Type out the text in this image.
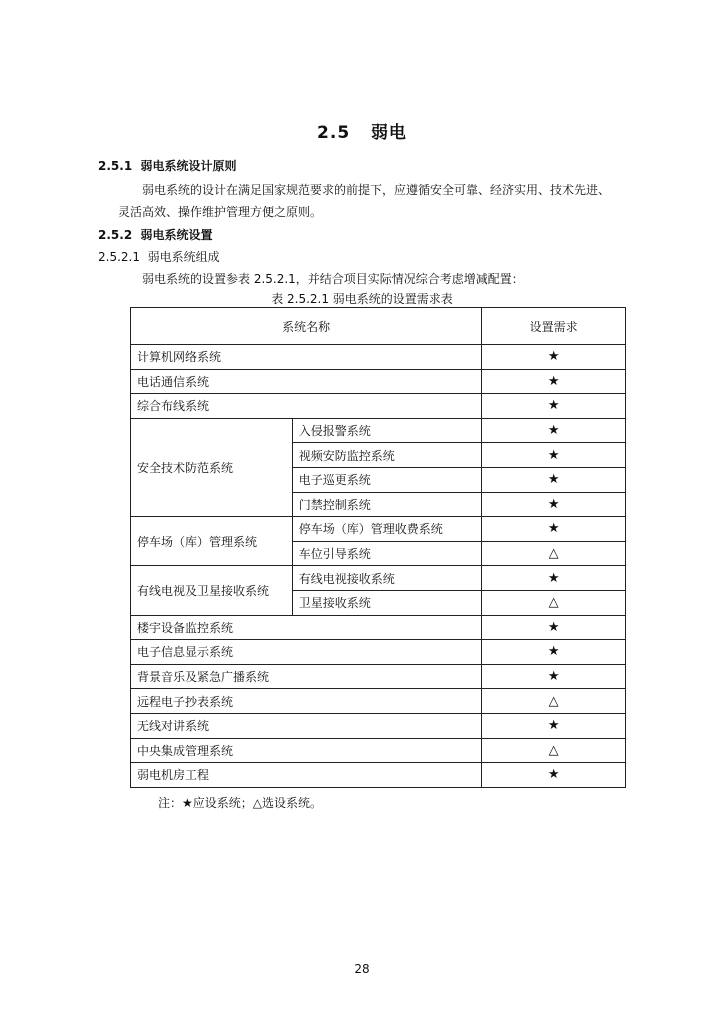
2.5 弱电
2.5.1 弱电系统设计原则
弱电系统的设计在满足国家规范要求的前提下，应遵循安全可靠、经济实用、技术先进、
灵活高效、操作维护管理方便之原则。
2.5.2 弱电系统设置
2.5.2.1 弱电系统组成
弱电系统的设置参表 2.5.2.1，并结合项目实际情况综合考虑增减配置：
表 2.5.2.1 弱电系统的设置需求表
系统名称		设置需求
计算机网络系统		★
电话通信系统		★
综合布线系统		★
安全技术防范系统	入侵报警系统	★
	视频安防监控系统	★
	电子巡更系统	★
	门禁控制系统	★
停车场（库）管理系统	停车场（库）管理收费系统	★
	车位引导系统	△
有线电视及卫星接收系统	有线电视接收系统	★
	卫星接收系统	△
楼宇设备监控系统		★
电子信息显示系统		★
背景音乐及紧急广播系统		★
远程电子抄表系统		△
无线对讲系统		★
中央集成管理系统		△
弱电机房工程		★
注：★应设系统；△选设系统。
28
